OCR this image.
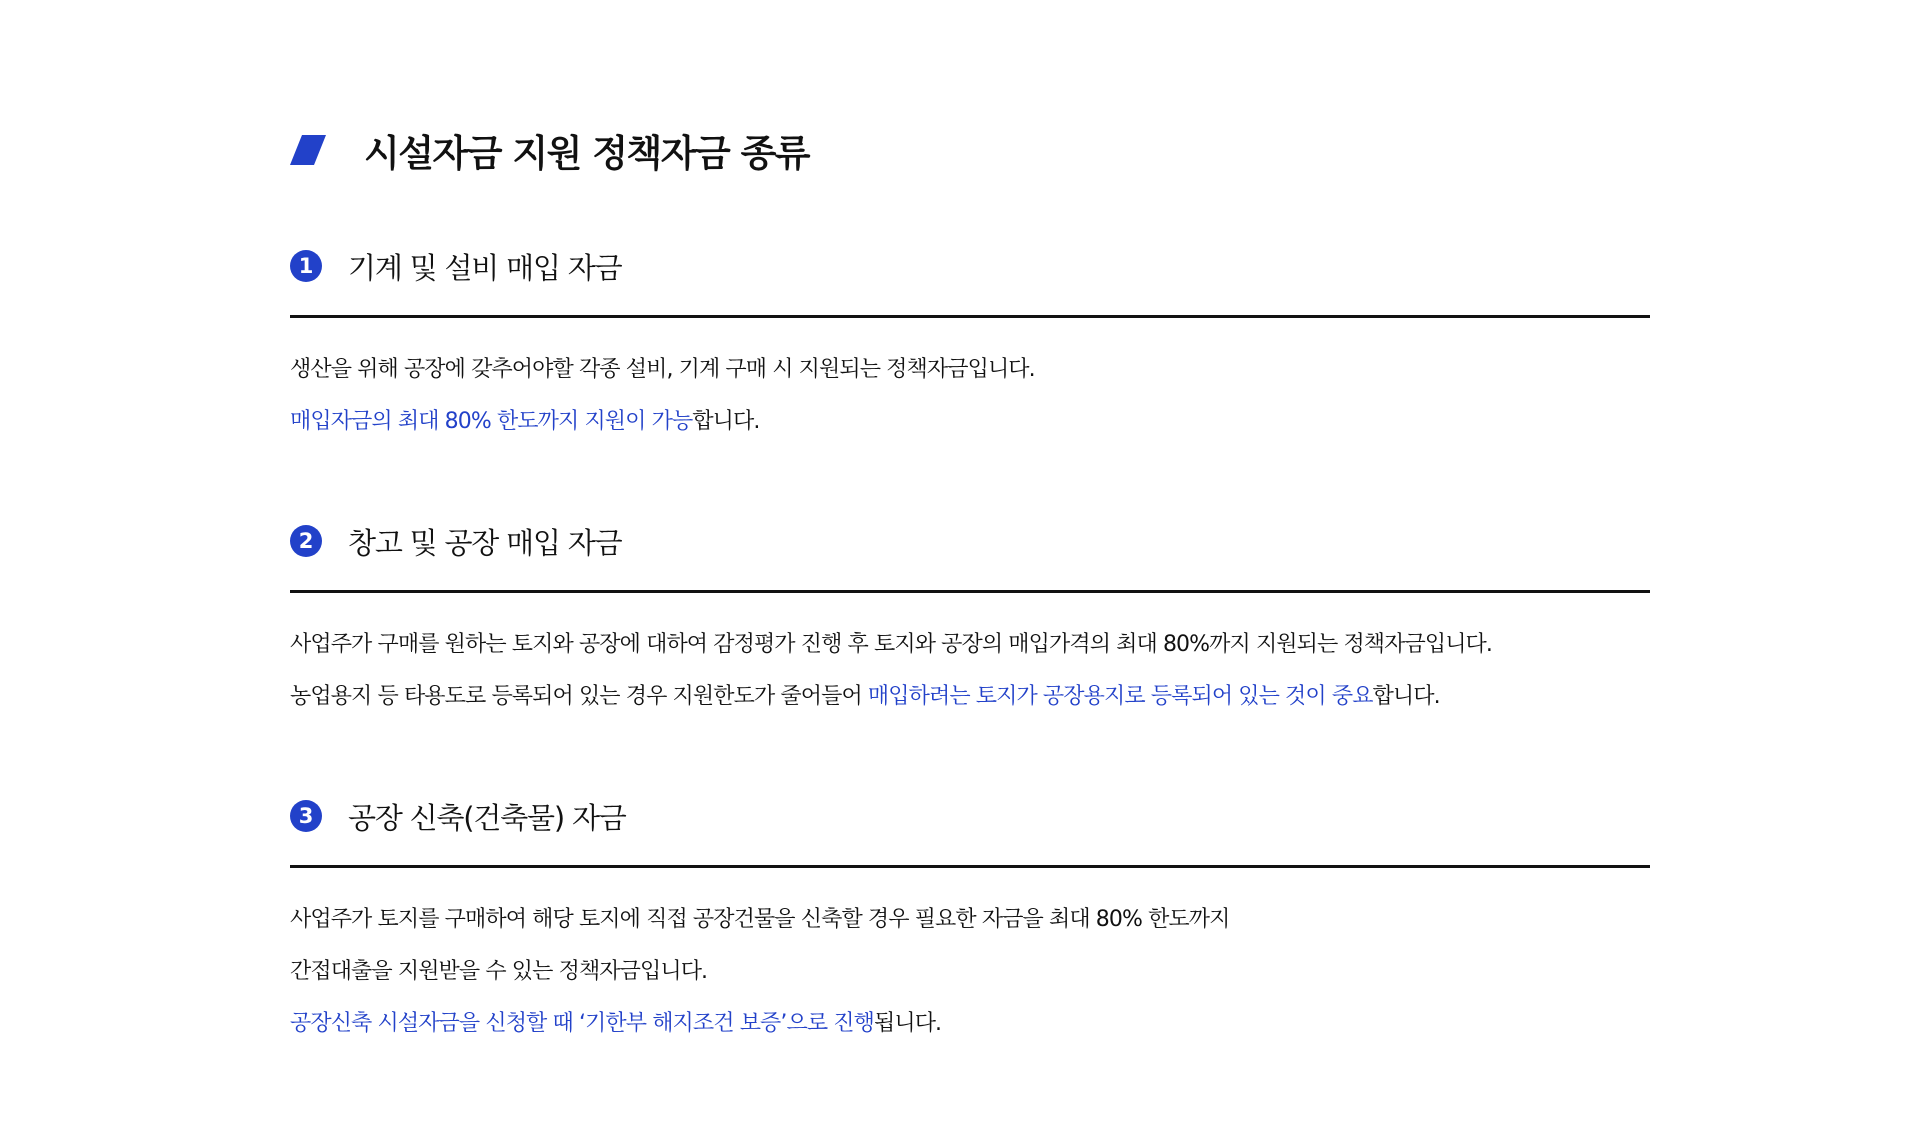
시설자금 지원 정책자금 종류
1 기계 및 설비 매입 자금
생산을 위해 공장에 갖추어야할 각종 설비, 기계 구매 시 지원되는 정책자금입니다.
매입자금의 최대 80% 한도까지 지원이 가능합니다.
2 창고 및 공장 매입 자금
사업주가 구매를 원하는 토지와 공장에 대하여 감정평가 진행 후 토지와 공장의 매입가격의 최대 80%까지 지원되는 정책자금입니다.
농업용지 등 타용도로 등록되어 있는 경우 지원한도가 줄어들어 매입하려는 토지가 공장용지로 등록되어 있는 것이 중요합니다.
3 공장 신축(건축물) 자금
사업주가 토지를 구매하여 해당 토지에 직접 공장건물을 신축할 경우 필요한 자금을 최대 80% 한도까지
간접대출을 지원받을 수 있는 정책자금입니다.
공장신축 시설자금을 신청할 때 ‘기한부 해지조건 보증’으로 진행됩니다.
